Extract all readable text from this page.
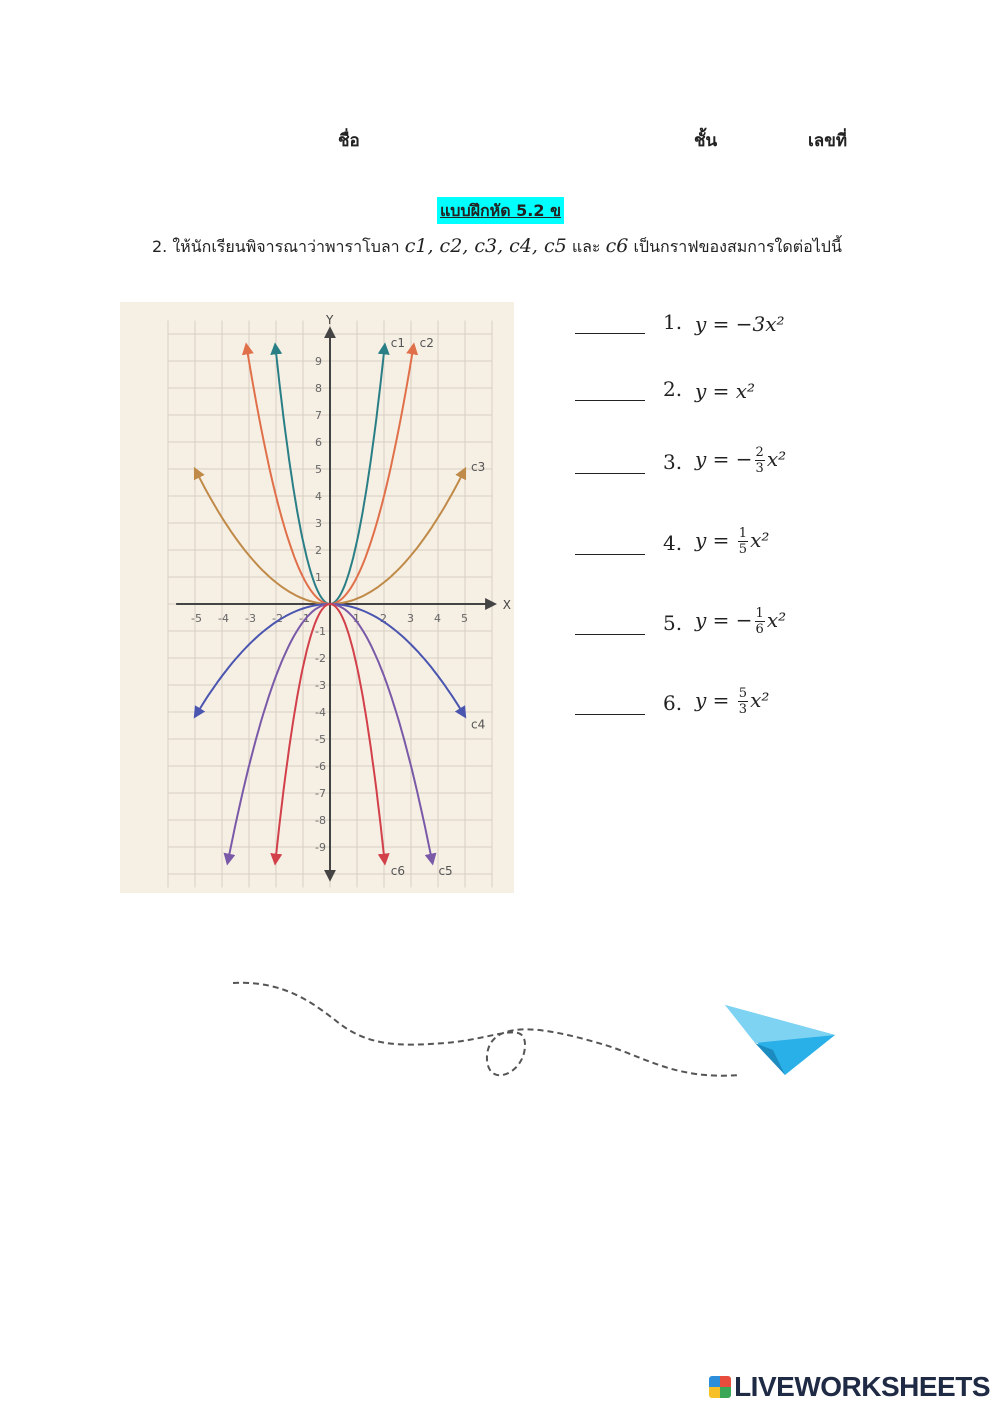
ชื่อ	ชั้น	เลขที่
แบบฝึกหัด 5.2 ข
2. ให้นักเรียนพิจารณาว่าพาราโบลา c1, c2, c3, c4, c5 และ c6 เป็นกราฟของสมการใดต่อไปนี้
X
Y
-5 -4 -3 -2 -1	1 2 3 4 5
9
8
7
6
5
4
3
2
1
-1
-2
-3
-4
-5
-6
-7
-8
-9
c1 c2
c3
c4
c5
c6
1. y = −3x²
2. y = x²
3. y = − $\frac{2}{3} x^2$
4. $y = \frac{1}{5} x^2$
5. y = − $\frac{1}{6} x^2$
6. $y = \frac{5}{3} x^2$
LIVEWORKSHEETS
